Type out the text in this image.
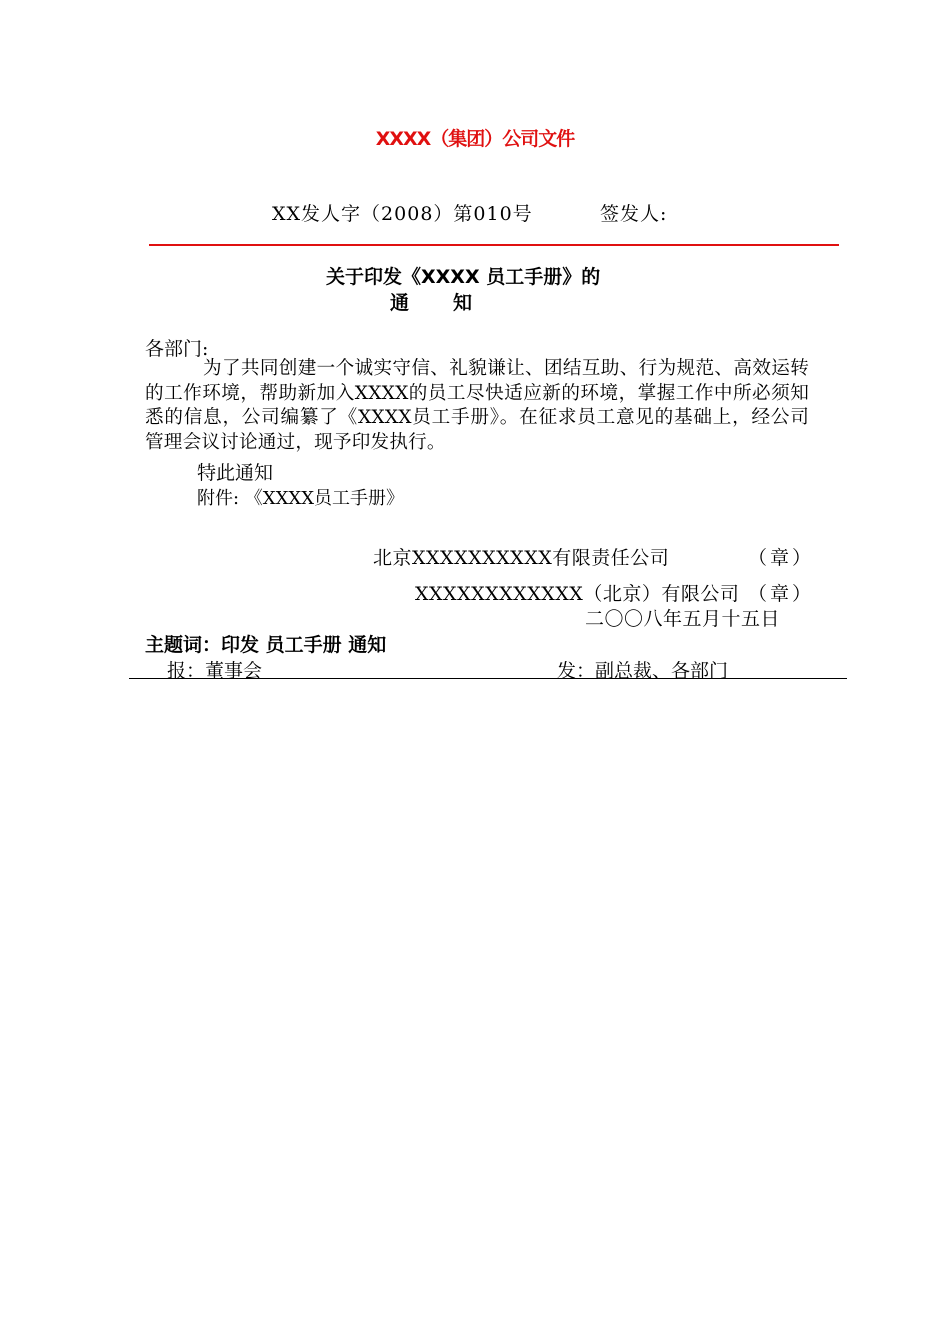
XXXX（集团）公司文件
XX发人字（2008）第010号	签发人:
关于印发《XXXX 员工手册》的
通 知
各部门:
为了共同创建一个诚实守信、礼貌谦让、团结互助、行为规范、高效运转的工作环境，帮助新加入XXXX的员工尽快适应新的环境，掌握工作中所必须知悉的信息，公司编纂了《XXXX员工手册》。在征求员工意见的基础上，经公司管理会议讨论通过，现予印发执行。
特此通知
附件: 《XXXX员工手册》
北京XXXXXXXXXX有限责任公司	（章）
XXXXXXXXXXXX（北京）有限公司 （章）
二〇〇八年五月十五日
主题词：印发 员工手册 通知
报：董事会	发：副总裁、各部门
